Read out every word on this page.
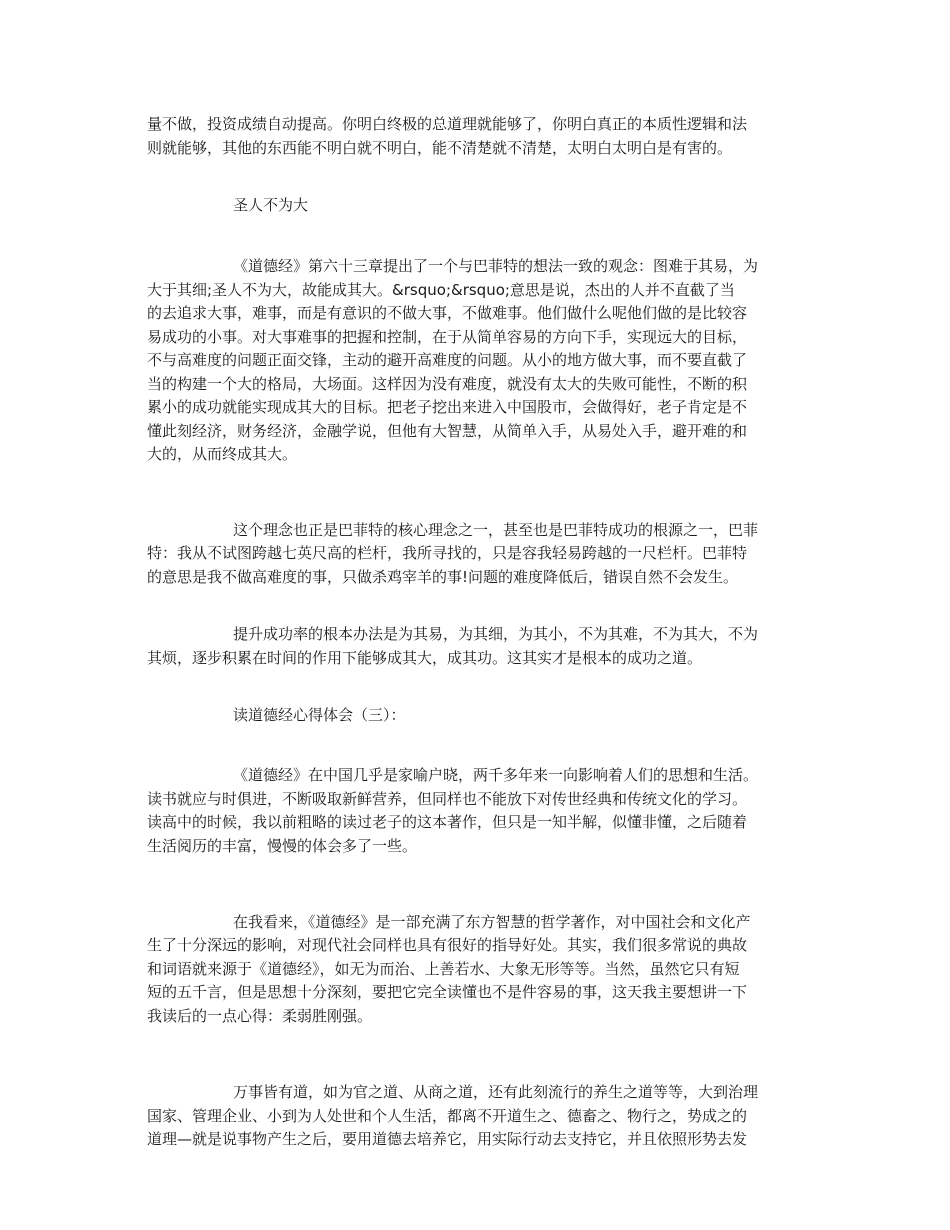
量不做，投资成绩自动提高。你明白终极的总道理就能够了，你明白真正的本质性逻辑和法
则就能够，其他的东西能不明白就不明白，能不清楚就不清楚，太明白太明白是有害的。
圣人不为大
《道德经》第六十三章提出了一个与巴菲特的想法一致的观念：图难于其易，为
大于其细;圣人不为大，故能成其大。&rsquo;&rsquo;意思是说，杰出的人并不直截了当
的去追求大事，难事，而是有意识的不做大事，不做难事。他们做什么呢他们做的是比较容
易成功的小事。对大事难事的把握和控制，在于从简单容易的方向下手，实现远大的目标，
不与高难度的问题正面交锋，主动的避开高难度的问题。从小的地方做大事，而不要直截了
当的构建一个大的格局，大场面。这样因为没有难度，就没有太大的失败可能性，不断的积
累小的成功就能实现成其大的目标。把老子挖出来进入中国股市，会做得好，老子肯定是不
懂此刻经济，财务经济，金融学说，但他有大智慧，从简单入手，从易处入手，避开难的和
大的，从而终成其大。
这个理念也正是巴菲特的核心理念之一，甚至也是巴菲特成功的根源之一，巴菲
特：我从不试图跨越七英尺高的栏杆，我所寻找的，只是容我轻易跨越的一尺栏杆。巴菲特
的意思是我不做高难度的事，只做杀鸡宰羊的事!问题的难度降低后，错误自然不会发生。
提升成功率的根本办法是为其易，为其细，为其小，不为其难，不为其大，不为
其烦，逐步积累在时间的作用下能够成其大，成其功。这其实才是根本的成功之道。
读道德经心得体会（三）：
《道德经》在中国几乎是家喻户晓，两千多年来一向影响着人们的思想和生活。
读书就应与时俱进，不断吸取新鲜营养，但同样也不能放下对传世经典和传统文化的学习。
读高中的时候，我以前粗略的读过老子的这本著作，但只是一知半解，似懂非懂，之后随着
生活阅历的丰富，慢慢的体会多了一些。
在我看来，《道德经》是一部充满了东方智慧的哲学著作，对中国社会和文化产
生了十分深远的影响，对现代社会同样也具有很好的指导好处。其实，我们很多常说的典故
和词语就来源于《道德经》，如无为而治、上善若水、大象无形等等。当然，虽然它只有短
短的五千言，但是思想十分深刻，要把它完全读懂也不是件容易的事，这天我主要想讲一下
我读后的一点心得：柔弱胜刚强。
万事皆有道，如为官之道、从商之道，还有此刻流行的养生之道等等，大到治理
国家、管理企业、小到为人处世和个人生活，都离不开道生之、德畜之、物行之，势成之的
道理—就是说事物产生之后，要用道德去培养它，用实际行动去支持它，并且依照形势去发
